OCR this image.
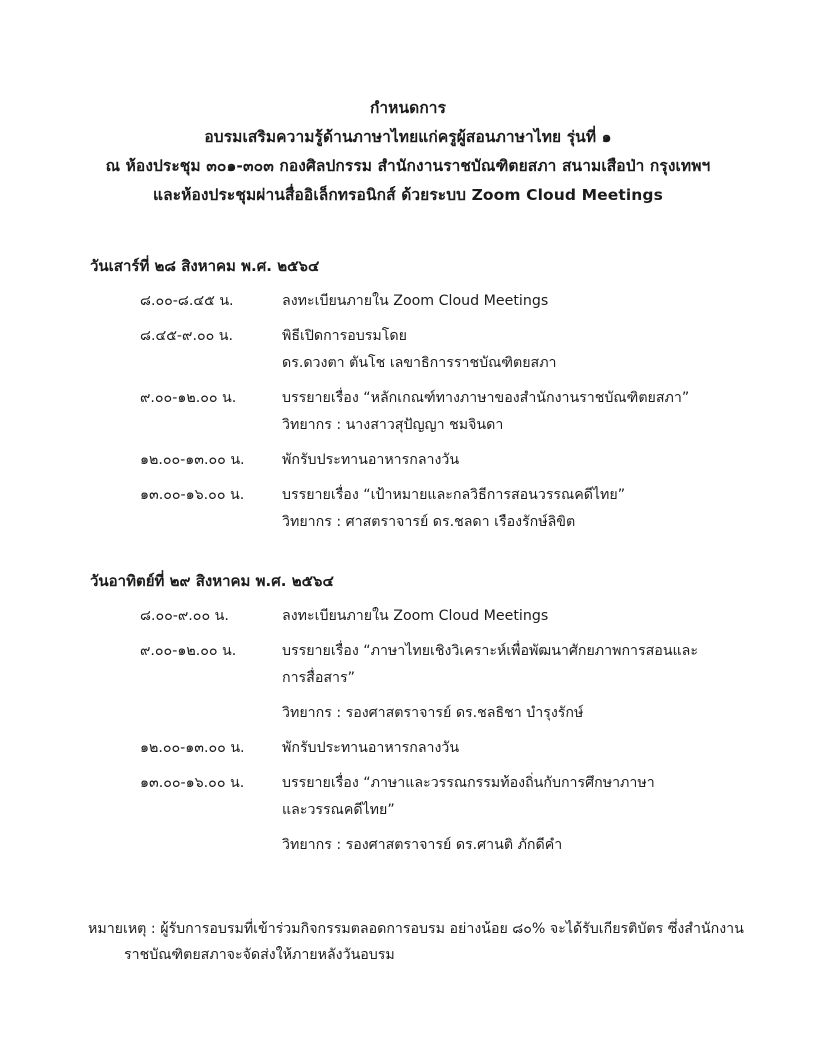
กำหนดการ
อบรมเสริมความรู้ด้านภาษาไทยแก่ครูผู้สอนภาษาไทย รุ่นที่ ๑
ณ ห้องประชุม ๓๐๑-๓๐๓ กองศิลปกรรม สำนักงานราชบัณฑิตยสภา สนามเสือป่า กรุงเทพฯ
และห้องประชุมผ่านสื่ออิเล็กทรอนิกส์ ด้วยระบบ Zoom Cloud Meetings
วันเสาร์ที่ ๒๘ สิงหาคม พ.ศ. ๒๕๖๔
๘.๐๐-๘.๔๕ น.	ลงทะเบียนภายใน Zoom Cloud Meetings
๘.๔๕-๙.๐๐ น.	พิธีเปิดการอบรมโดย
ดร.ดวงตา ตันโช เลขาธิการราชบัณฑิตยสภา
๙.๐๐-๑๒.๐๐ น.	บรรยายเรื่อง “หลักเกณฑ์ทางภาษาของสำนักงานราชบัณฑิตยสภา”
วิทยากร : นางสาวสุปัญญา ชมจินดา
๑๒.๐๐-๑๓.๐๐ น.	พักรับประทานอาหารกลางวัน
๑๓.๐๐-๑๖.๐๐ น.	บรรยายเรื่อง “เป้าหมายและกลวิธีการสอนวรรณคดีไทย”
วิทยากร : ศาสตราจารย์ ดร.ชลดา เรืองรักษ์ลิขิต
วันอาทิตย์ที่ ๒๙ สิงหาคม พ.ศ. ๒๕๖๔
๘.๐๐-๙.๐๐ น.	ลงทะเบียนภายใน Zoom Cloud Meetings
๙.๐๐-๑๒.๐๐ น.	บรรยายเรื่อง “ภาษาไทยเชิงวิเคราะห์เพื่อพัฒนาศักยภาพการสอนและ
การสื่อสาร”
วิทยากร : รองศาสตราจารย์ ดร.ชลธิชา บำรุงรักษ์
๑๒.๐๐-๑๓.๐๐ น.	พักรับประทานอาหารกลางวัน
๑๓.๐๐-๑๖.๐๐ น.	บรรยายเรื่อง “ภาษาและวรรณกรรมท้องถิ่นกับการศึกษาภาษา
และวรรณคดีไทย”
วิทยากร : รองศาสตราจารย์ ดร.ศานติ ภักดีคำ
หมายเหตุ : ผู้รับการอบรมที่เข้าร่วมกิจกรรมตลอดการอบรม อย่างน้อย ๘๐% จะได้รับเกียรติบัตร ซึ่งสำนักงาน
ราชบัณฑิตยสภาจะจัดส่งให้ภายหลังวันอบรม
